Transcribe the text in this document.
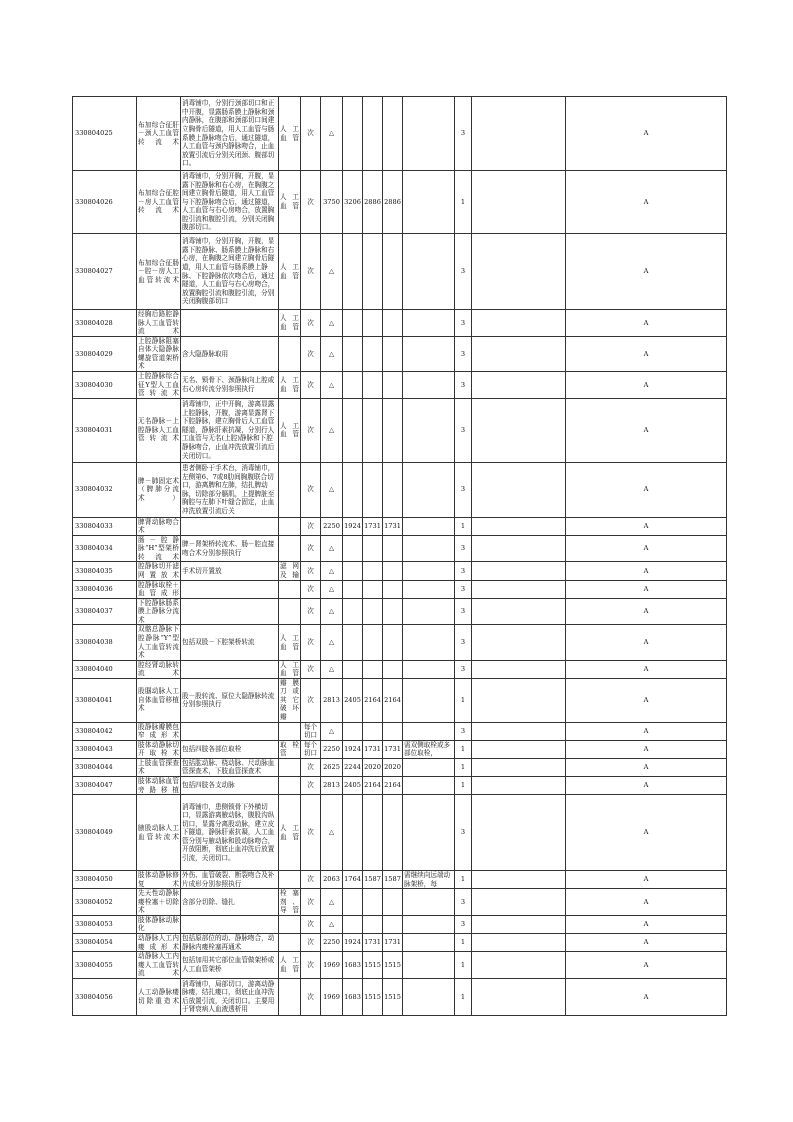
330804025	布加综合征肝－颈人工血管转流术	消毒铺巾，分别行颈部切口和正中开腹，显露肠系膜上静脉和颈内静脉，在腹部和颈部切口间建立胸骨后隧道，用人工血管与肠系膜上静脉吻合后，通过隧道，人工血管与颈内静脉吻合，止血放置引流后分别关闭颈、腹部切口。	人工血管	次	△					3		A
330804026	布加综合征腔－房人工血管转流术	消毒铺巾，分别开胸，开腹，显露下腔静脉和右心房，在胸腹之间建立胸骨后隧道，用人工血管与下腔静脉吻合后，通过隧道，人工血管与右心房吻合，放置胸腔引流和腹腔引流，分别关闭胸腹部切口。	人工血管	次	3750	3206	2886	2886		1		A
330804027	布加综合征肠－腔－房人工血管转流术	消毒铺巾，分别开胸，开腹，显露下腔静脉、肠系膜上静脉和右心房，在胸腹之间建立胸骨后隧道，用人工血管与肠系膜上静脉、下腔静脉依次吻合后，通过隧道，人工血管与右心房吻合，放置胸腔引流和腹腔引流，分别关闭胸腹部切口	人工血管	次	△					3		A
330804028	经胸后路腔静脉人工血管转流术		人工血管	次	△					3		A
330804029	上腔静脉阻塞自体大隐静脉螺旋管道架桥术	含大隐静脉取用		次	△					3		A
330804030	上腔静脉综合征Y型人工血管转流术	无名、锁骨下、颈静脉向上腔或右心房转流分别参照执行	人工血管	次	△					3		A
330804031	无名静脉－上腔静脉人工血管转流术	消毒铺巾，正中开胸，游离显露上腔静脉，开腹，游离显露肾下下腔静脉，建立胸骨后人工血管隧道，静脉肝素抗凝，分别行人工血管与无名(上腔)静脉和下腔静脉吻合，止血冲洗放置引流后关闭切口。	人工血管	次	△					3		A
330804032	脾－肺固定术（脾肺分流术）	患者侧卧于手术台，消毒铺巾，左侧第6、7或8肋间胸腹联合切口，游离脾和左肺，结扎脾动脉，切除部分膈肌，上提脾脏至胸腔与左肺下叶缝合固定，止血冲洗放置引流后关		次	△					3		A
330804033	脾肾动脉吻合术			次	2250	1924	1731	1731		1		A
330804034	肠－腔静脉“H”型架桥转流术	脾－肾架桥转流术、肠－腔直接吻合术分别参照执行		次	△					3		A
330804035	腔静脉切开滤网置放术	手术切开置放	滤网及输	次	△					3		A
330804036	腔静脉取栓＋血管成形			次	△					3		A
330804037	下腔静脉肠系膜上静脉分流术			次	△					3		A
330804038	双髂总静脉下腔静脉“Y”型人工血管转流术	包括双股－下腔架桥转流	人工血管	次	△					3		A
330804040	腔经肾动脉转流术		人工血管	次	△					3		A
330804041	股腘动脉人工自体血管移植术	股－股转流、原位大隐静脉转流分别参照执行	瓣膜刀或其它破坏瓣	次	2813	2405	2164	2164		1		A
330804042	股静脉瓣膜包窄成形术			每个切口	△					3		A
330804043	肢体动静脉切开取栓术	包括四肢各部位取栓	取栓管	每个切口	2250	1924	1731	1731	需双侧取栓或多部位取栓，	1		A
330804044	上肢血管探查术	包括肱动脉、桡动脉、尺动脉血管探查术，下肢血管探查术		次	2625	2244	2020	2020		1		A
330804047	肢体动脉血管旁路移植	包括四肢各支动脉		次	2813	2405	2164	2164		1		A
330804049	腋股动脉人工血管转流术	消毒铺巾，患侧锁骨下外横切口，显露游离腋动脉，腹股沟纵切口，显露分离股动脉，建立皮下隧道，静脉肝素抗凝，人工血管分别与腋动脉和股动脉吻合，开放阻断，彻底止血冲洗后放置引流，关闭切口。	人工血管	次	△					3		A
330804050	肢体动静脉修复术	外伤、血管破裂、断裂吻合及补片成形分别参照执行		次	2063	1764	1587	1587	需继续向远端动脉架桥，每	1		A
330804052	先天性动静脉瘘栓塞＋切除术	含部分切除、缝扎	栓塞剂、导管	次	△					3		A
330804053	肢体静脉动脉化			次	△					3		A
330804054	动静脉人工内瘘成形术	包括原部位的动、静脉吻合，动静脉内瘘栓塞再通术		次	2250	1924	1731	1731		1		A
330804055	动静脉人工内瘘人工血管转流术	包括加用其它部位血管做架桥或人工血管架桥	人工血管	次	1969	1683	1515	1515		1		A
330804056	人工动静脉瘘切除重造术	消毒铺巾，局部切口，游离动静脉瘘，结扎瘘口，彻底止血冲洗后放置引流，关闭切口。主要用于肾衰病人血液透析用		次	1969	1683	1515	1515		1		A
